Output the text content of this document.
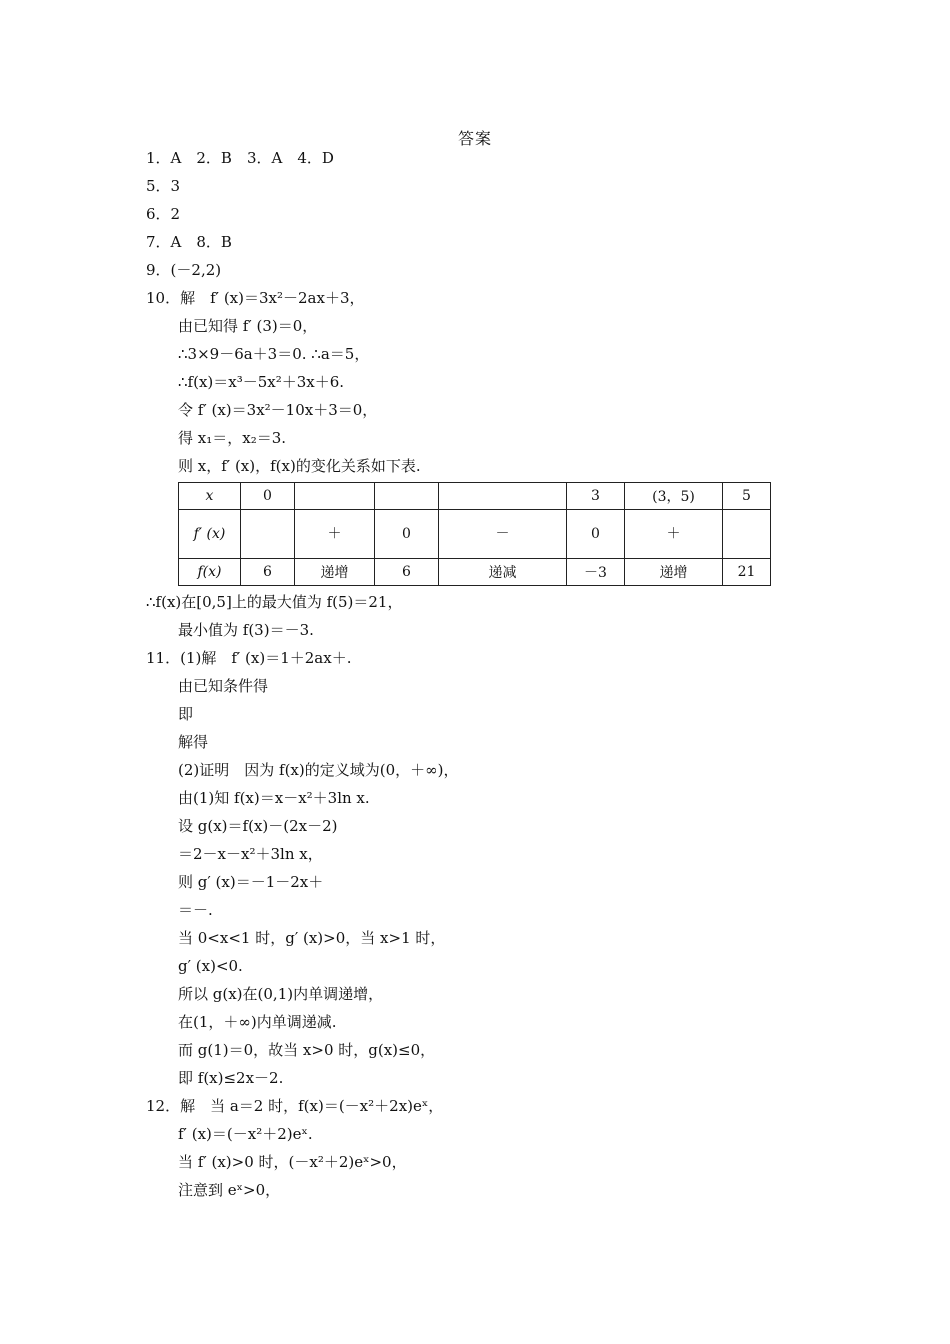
答案
1．A　2．B　3．A　4．D
5．3
6．2
7．A　8．B
9．(－2,2)
10．解　f′ (x)＝3x²－2ax＋3，
由已知得 f′ (3)＝0，
∴3×9－6a＋3＝0. ∴a＝5，
∴f(x)＝x³－5x²＋3x＋6.
令 f′ (x)＝3x²－10x＋3＝0，
得 x₁＝，x₂＝3.
则 x，f′ (x)，f(x)的变化关系如下表.
x	0				3	(3，5)	5
f′ (x)		＋	0	－	0	＋	
f(x)	6	递增	6	递减	－3	递增	21
∴f(x)在[0,5]上的最大值为 f(5)＝21，
最小值为 f(3)＝－3.
11．(1)解　f′ (x)＝1＋2ax＋.
由已知条件得
即
解得
(2)证明　因为 f(x)的定义域为(0，＋∞)，
由(1)知 f(x)＝x－x²＋3ln x.
设 g(x)＝f(x)－(2x－2)
＝2－x－x²＋3ln x，
则 g′ (x)＝－1－2x＋
＝－.
当 0<x<1 时，g′ (x)>0，当 x>1 时，
g′ (x)<0.
所以 g(x)在(0,1)内单调递增，
在(1，＋∞)内单调递减.
而 g(1)＝0，故当 x>0 时，g(x)≤0，
即 f(x)≤2x－2.
12．解　当 a＝2 时，f(x)＝(－x²＋2x)eˣ，
f′ (x)＝(－x²＋2)eˣ.
当 f′ (x)>0 时，(－x²＋2)eˣ>0，
注意到 eˣ>0，
